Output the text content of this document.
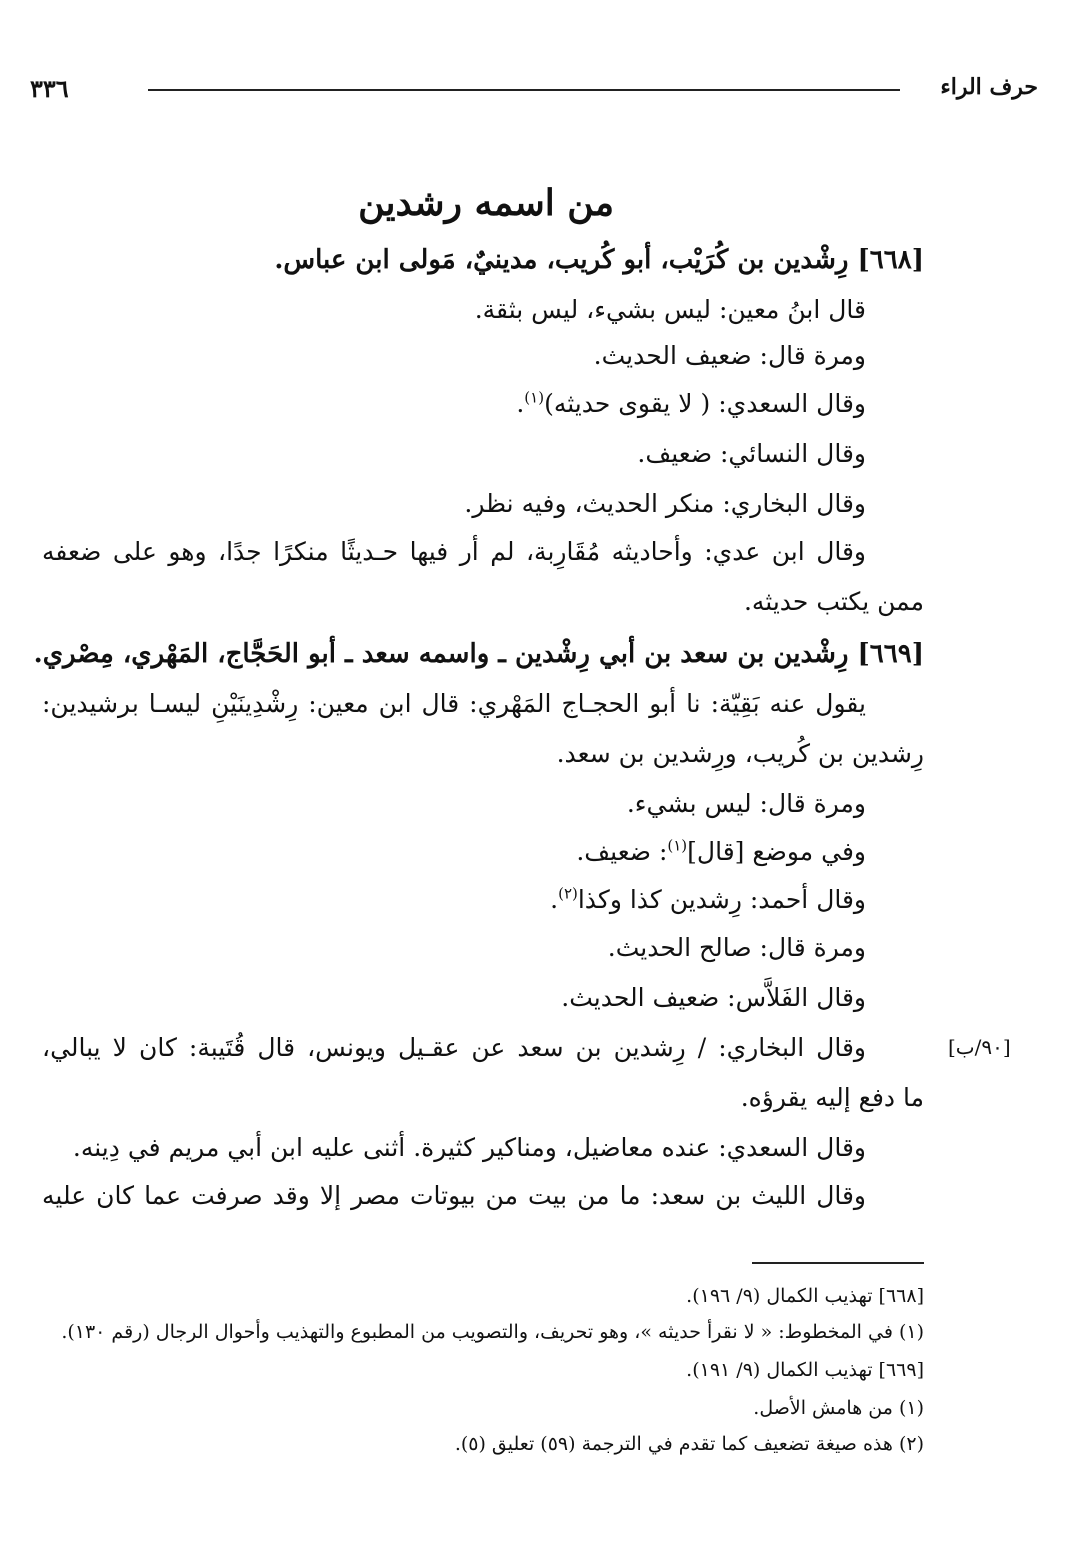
٣٣٦	حرف الراء
من اسمه رشدين
[٦٦٨] رِشْدين بن كُرَيْب، أبو كُريب، مدينيٌ، مَولى ابن عباس.
قال ابنُ معين: ليس بشيء، ليس بثقة.
ومرة قال: ضعيف الحديث.
وقال السعدي: ( لا يقوى حديثه)$^{(١)}$.
وقال النسائي: ضعيف.
وقال البخاري: منكر الحديث، وفيه نظر.
وقال ابن عدي: وأحاديثه مُقَارِبة، لم أر فيها حـديثًا منكرًا جدًا، وهو على ضعفه
ممن يكتب حديثه.
[٦٦٩] رِشْدين بن سعد بن أبي رِشْدين ـ واسمه سعد ـ أبو الحَجَّاج، المَهْري، مِصْري.
يقول عنه بَقِيّة: نا أبو الحجـاج المَهْري: قال ابن معين: رِشْدِينَيْنِ ليسـا برشيدين:
رِشدين بن كُريب، ورِشدين بن سعد.
ومرة قال: ليس بشيء.
وفي موضع [قال]$^{(١)}$: ضعيف.
وقال أحمد: رِشدين كذا وكذا$^{(٢)}$.
ومرة قال: صالح الحديث.
وقال الفَلاَّس: ضعيف الحديث.
وقال البخاري: / رِشدين بن سعد عن عقـيل ويونس، قال قُتَيبة: كان لا يبالي،
ما دفع إليه يقرؤه.
وقال السعدي: عنده معاضيل، ومناكير كثيرة. أثنى عليه ابن أبي مريم في دِينه.
وقال الليث بن سعد: ما من بيت من بيوتات مصر إلا وقد صرفت عما كان عليه
[٩٠/ب]
[٦٦٨] تهذيب الكمال (٩/ ١٩٦).
(١) في المخطوط: « لا نقرأ حديثه »، وهو تحريف، والتصويب من المطبوع والتهذيب وأحوال الرجال (رقم ١٣٠).
[٦٦٩] تهذيب الكمال (٩/ ١٩١).
(١) من هامش الأصل.
(٢) هذه صيغة تضعيف كما تقدم في الترجمة (٥٩) تعليق (٥).
